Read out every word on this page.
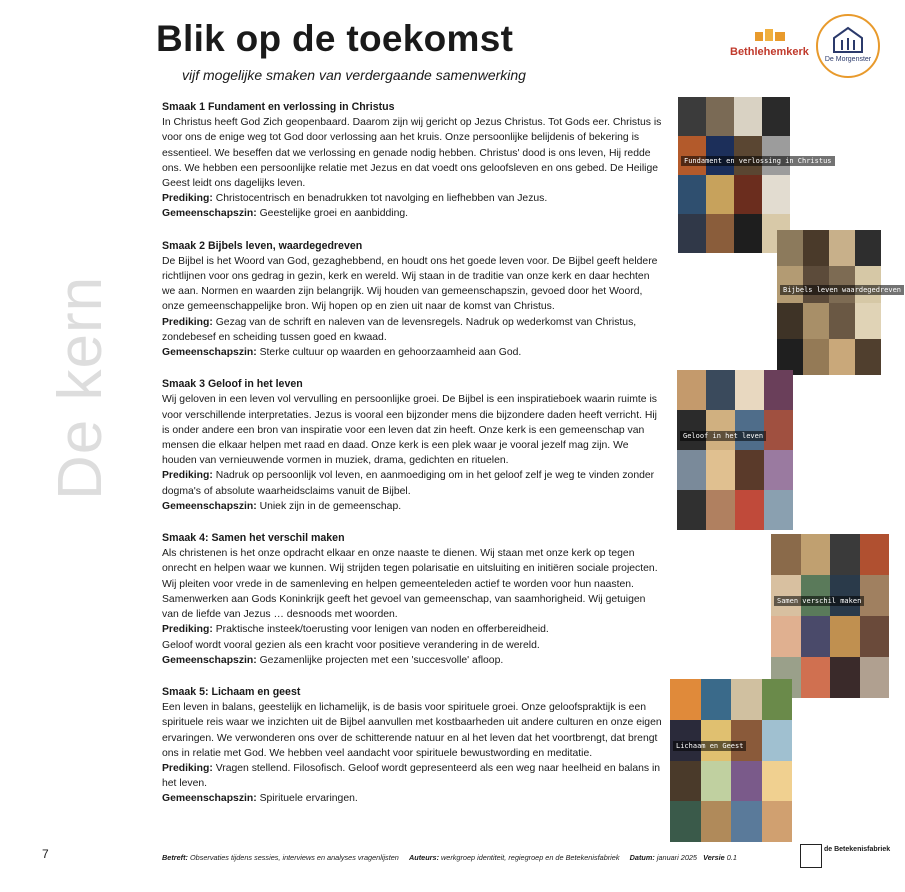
Blik op de toekomst
vijf mogelijke smaken van verdergaande samenwerking
De kern
Bethlehemkerk
De Morgenster
Smaak 1 Fundament en verlossing in Christus

In Christus heeft God Zich geopenbaard. Daarom zijn wij gericht op Jezus Christus. Tot Gods eer. Christus is voor ons de enige weg tot God door verlossing aan het kruis. Onze persoonlijke belijdenis of bekering is essentieel. We beseffen dat we verlossing en genade nodig hebben. Christus' dood is ons leven, Hij redde ons. We hebben een persoonlijke relatie met Jezus en dat voedt ons geloofsleven en ons gebed. De Heilige Geest leidt ons dagelijks leven.

Prediking: Christocentrisch en benadrukken tot navolging en liefhebben van Jezus.

Gemeenschapszin: Geestelijke groei en aanbidding.

Smaak 2 Bijbels leven, waardegedreven

De Bijbel is het Woord van God, gezaghebbend, en houdt ons het goede leven voor. De Bijbel geeft heldere richtlijnen voor ons gedrag in gezin, kerk en wereld. Wij staan in de traditie van onze kerk en daar hechten we aan. Normen en waarden zijn belangrijk. Wij houden van gemeenschapszin, gevoed door het Woord, onze gemeenschappelijke bron. Wij hopen op en zien uit naar de komst van Christus.

Prediking: Gezag van de schrift en naleven van de levensregels. Nadruk op wederkomst van Christus, zondebesef en scheiding tussen goed en kwaad.

Gemeenschapszin: Sterke cultuur op waarden en gehoorzaamheid aan God.

Smaak 3 Geloof in het leven

Wij geloven in een leven vol vervulling en persoonlijke groei. De Bijbel is een inspiratieboek waarin ruimte is voor verschillende interpretaties. Jezus is vooral een bijzonder mens die bijzondere daden heeft verricht. Hij is onder andere een bron van inspiratie voor een leven dat zin heeft. Onze kerk is een gemeenschap van mensen die elkaar helpen met raad en daad. Onze kerk is een plek waar je vooral jezelf mag zijn. We houden van vernieuwende vormen in muziek, drama, gedichten en rituelen.

Prediking: Nadruk op persoonlijk vol leven, en aanmoediging om in het geloof zelf je weg te vinden zonder dogma's of absolute waarheidsclaims vanuit de Bijbel.

Gemeenschapszin: Uniek zijn in de gemeenschap.

Smaak 4: Samen het verschil maken

Als christenen is het onze opdracht elkaar en onze naaste te dienen. Wij staan met onze kerk op tegen onrecht en helpen waar we kunnen. Wij strijden tegen polarisatie en uitsluiting en initiëren sociale projecten. Wij pleiten voor vrede in de samenleving en helpen gemeenteleden actief te worden voor hun naasten. Samenwerken aan Gods Koninkrijk geeft het gevoel van gemeenschap, van saamhorigheid. Wij getuigen van de liefde van Jezus … desnoods met woorden.

Prediking: Praktische insteek/toerusting voor lenigen van noden en offerbereidheid.

Geloof wordt vooral gezien als een kracht voor positieve verandering in de wereld.

Gemeenschapszin: Gezamenlijke projecten met een 'succesvolle' afloop.

Smaak 5: Lichaam en geest

Een leven in balans, geestelijk en lichamelijk, is de basis voor spirituele groei. Onze geloofspraktijk is een spirituele reis waar we inzichten uit de Bijbel aanvullen met kostbaarheden uit andere culturen en onze eigen ervaringen. We verwonderen ons over de schitterende natuur en al het leven dat het voortbrengt, dat brengt ons in relatie met God. We hebben veel aandacht voor spirituele bewustwording en meditatie.

Prediking: Vragen stellend. Filosofisch. Geloof wordt gepresenteerd als een weg naar heelheid en balans in het leven.

Gemeenschapszin: Spirituele ervaringen.

Fundament en verlossing in Christus
Bijbels leven waardegedreven
Geloof in het leven
Samen verschil maken
Lichaam en Geest
7	Betreft: Observaties tijdens sessies, interviews en analyses vragenlijsten Auteurs: werkgroep identiteit, regiegroep en de Betekenisfabriek Datum: januari 2025 Versie 0.1
de Betekenisfabriek
